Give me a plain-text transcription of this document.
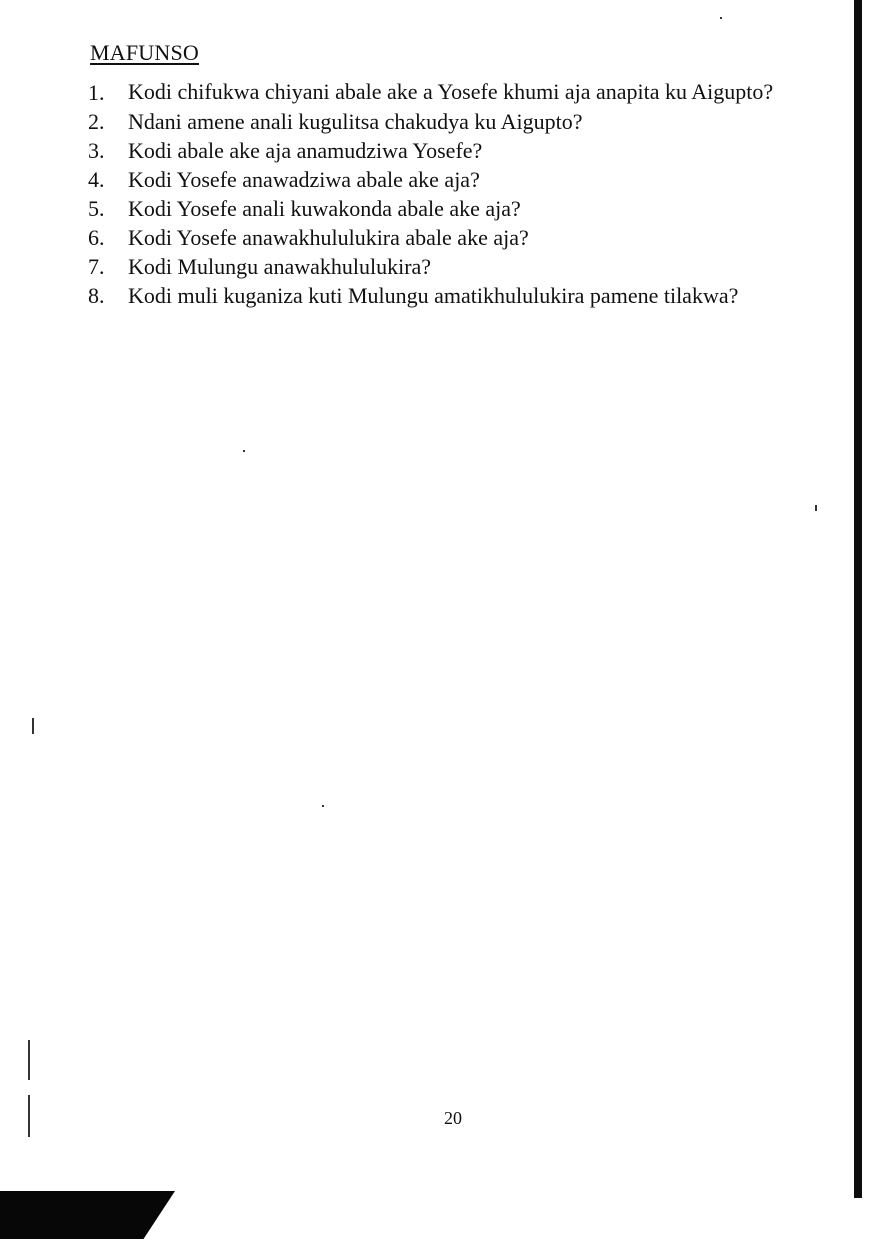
MAFUNSO
1.	Kodi chifukwa chiyani abale ake a Yosefe khumi aja anapita ku Aigupto?
2.	Ndani amene anali kugulitsa chakudya ku Aigupto?
3.	Kodi abale ake aja anamudziwa Yosefe?
4.	Kodi Yosefe anawadziwa abale ake aja?
5.	Kodi Yosefe anali kuwakonda abale ake aja?
6.	Kodi Yosefe anawakhululukira abale ake aja?
7.	Kodi Mulungu anawakhululukira?
8.	Kodi muli kuganiza kuti Mulungu amatikhululukira pamene tilakwa?
20
